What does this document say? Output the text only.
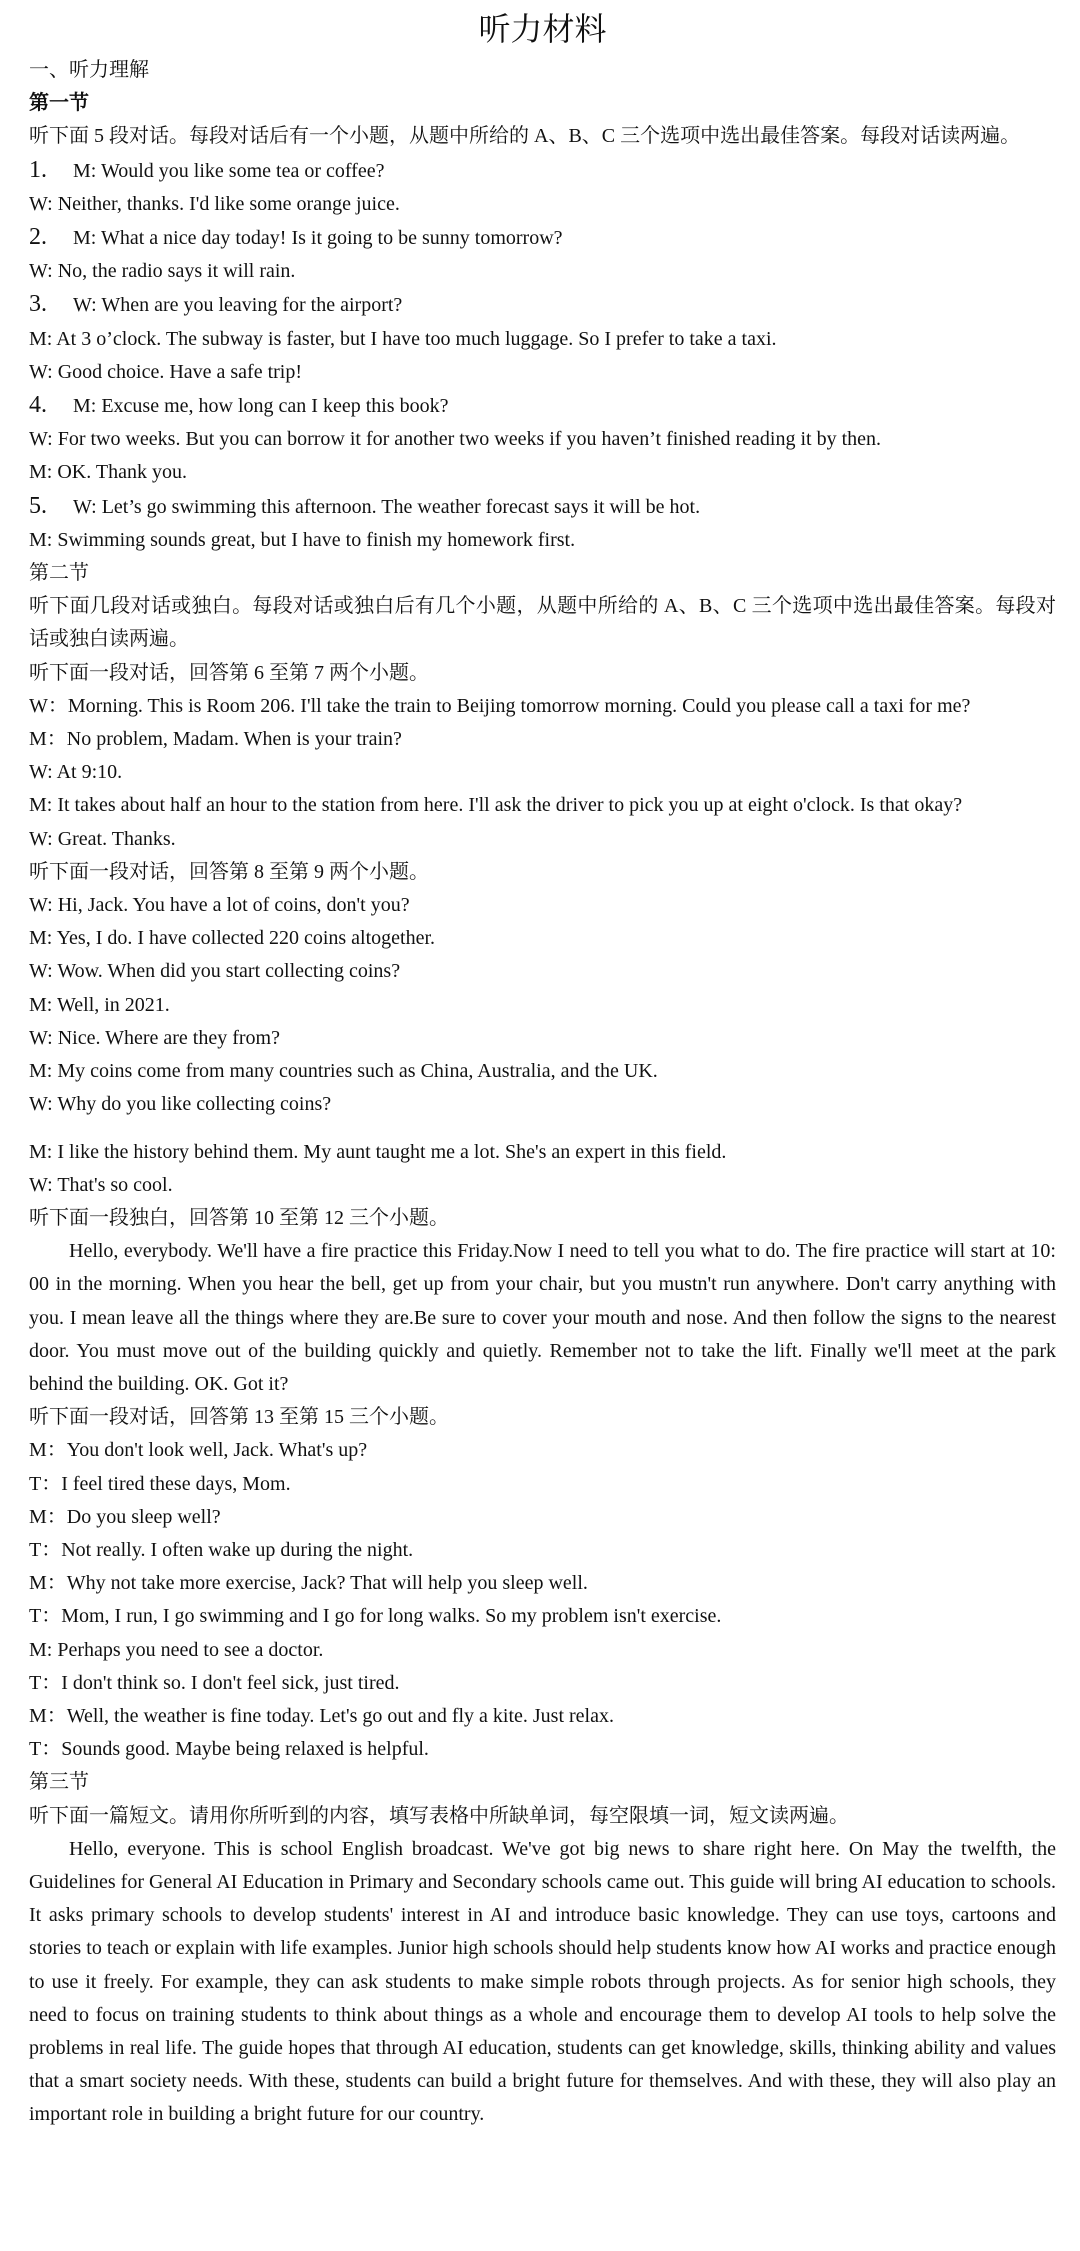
听力材料

一、听力理解

第一节

听下面 5 段对话。每段对话后有一个小题，从题中所给的 A、B、C 三个选项中选出最佳答案。每段对话读两遍。

1. M: Would you like some tea or coffee?

W: Neither, thanks. I'd like some orange juice.

2. M: What a nice day today! Is it going to be sunny tomorrow?

W: No, the radio says it will rain.

3. W: When are you leaving for the airport?

M: At 3 o’clock. The subway is faster, but I have too much luggage. So I prefer to take a taxi.

W: Good choice. Have a safe trip!

4. M: Excuse me, how long can I keep this book?

W: For two weeks. But you can borrow it for another two weeks if you haven’t finished reading it by then.

M: OK. Thank you.

5. W: Let’s go swimming this afternoon. The weather forecast says it will be hot.

M: Swimming sounds great, but I have to finish my homework first.

第二节

听下面几段对话或独白。每段对话或独白后有几个小题，从题中所给的 A、B、C 三个选项中选出最佳答案。每段对话或独白读两遍。

听下面一段对话，回答第 6 至第 7 两个小题。

W：Morning. This is Room 206. I'll take the train to Beijing tomorrow morning. Could you please call a taxi for me?

M：No problem, Madam. When is your train?

W: At 9:10.

M: It takes about half an hour to the station from here. I'll ask the driver to pick you up at eight o'clock. Is that okay?

W: Great. Thanks.

听下面一段对话，回答第 8 至第 9 两个小题。

W: Hi, Jack. You have a lot of coins, don't you?

M: Yes, I do. I have collected 220 coins altogether.

W: Wow. When did you start collecting coins?

M: Well, in 2021.

W: Nice. Where are they from?

M: My coins come from many countries such as China, Australia, and the UK.

W: Why do you like collecting coins?

M: I like the history behind them. My aunt taught me a lot. She's an expert in this field.

W: That's so cool.

听下面一段独白，回答第 10 至第 12 三个小题。

Hello, everybody. We'll have a fire practice this Friday.Now I need to tell you what to do. The fire practice will start at 10: 00 in the morning. When you hear the bell, get up from your chair, but you mustn't run anywhere. Don't carry anything with you. I mean leave all the things where they are.Be sure to cover your mouth and nose. And then follow the signs to the nearest door. You must move out of the building quickly and quietly. Remember not to take the lift. Finally we'll meet at the park behind the building. OK. Got it?

听下面一段对话，回答第 13 至第 15 三个小题。

M：You don't look well, Jack. What's up?

T：I feel tired these days, Mom.

M：Do you sleep well?

T：Not really. I often wake up during the night.

M：Why not take more exercise, Jack? That will help you sleep well.

T：Mom, I run, I go swimming and I go for long walks. So my problem isn't exercise.

M: Perhaps you need to see a doctor.

T：I don't think so. I don't feel sick, just tired.

M：Well, the weather is fine today. Let's go out and fly a kite. Just relax.

T：Sounds good. Maybe being relaxed is helpful.

第三节

听下面一篇短文。请用你所听到的内容，填写表格中所缺单词，每空限填一词，短文读两遍。

Hello, everyone. This is school English broadcast. We've got big news to share right here. On May the twelfth, the Guidelines for General AI Education in Primary and Secondary schools came out. This guide will bring AI education to schools. It asks primary schools to develop students' interest in AI and introduce basic knowledge. They can use toys, cartoons and stories to teach or explain with life examples. Junior high schools should help students know how AI works and practice enough to use it freely. For example, they can ask students to make simple robots through projects. As for senior high schools, they need to focus on training students to think about things as a whole and encourage them to develop AI tools to help solve the problems in real life. The guide hopes that through AI education, students can get knowledge, skills, thinking ability and values that a smart society needs. With these, students can build a bright future for themselves. And with these, they will also play an important role in building a bright future for our country.
